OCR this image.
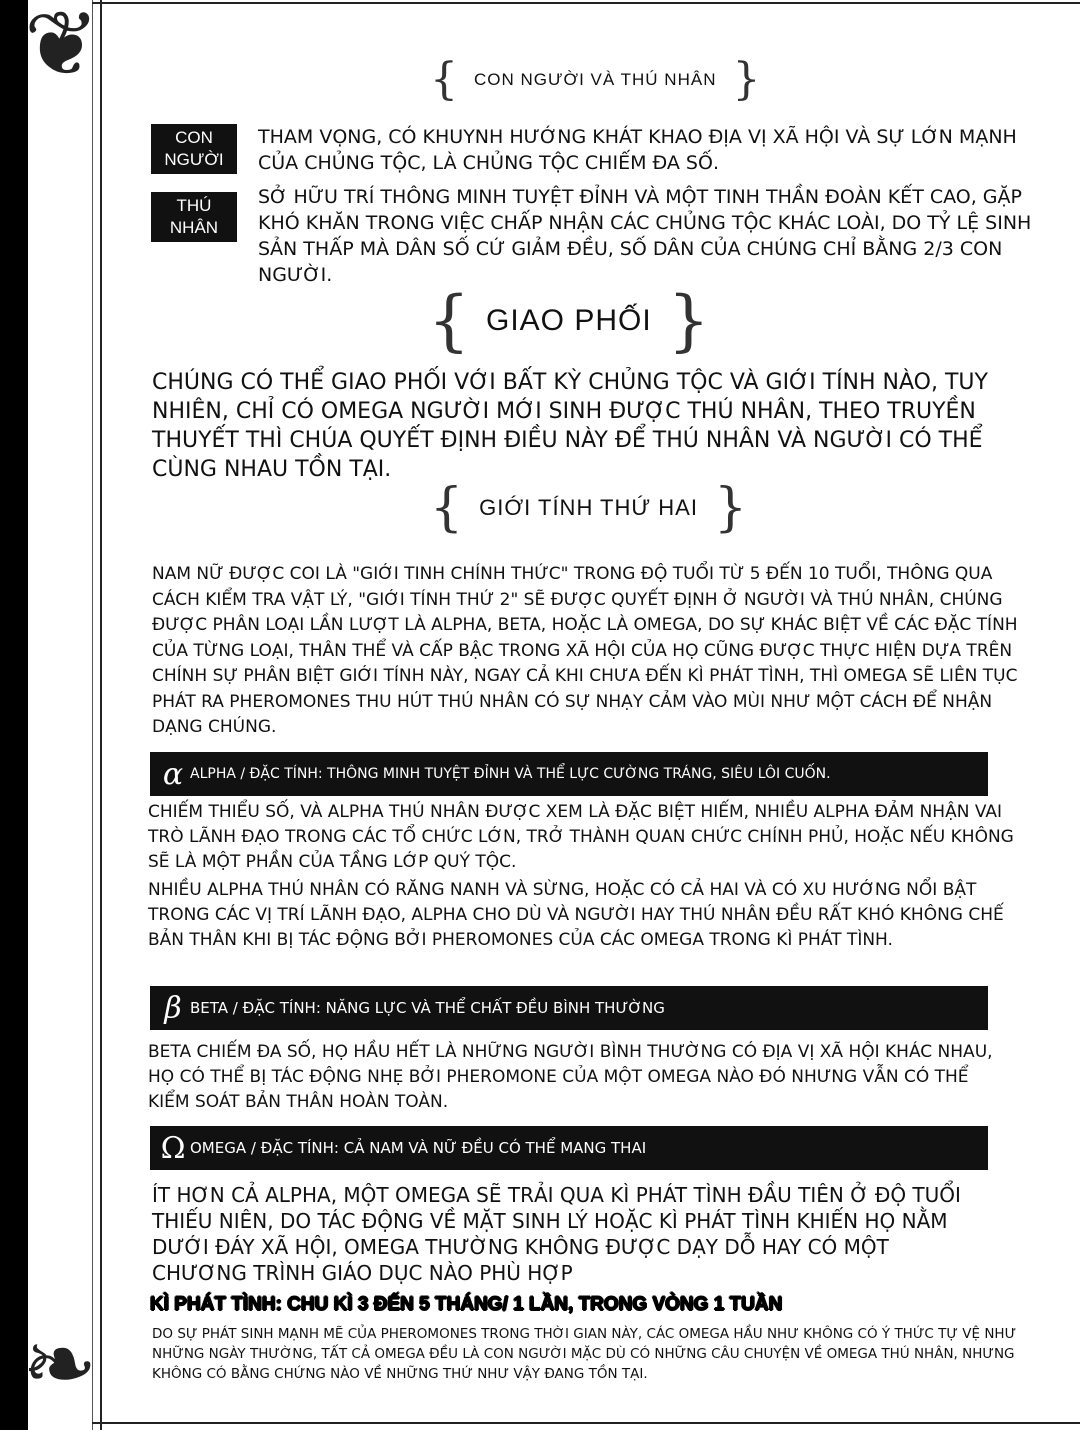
❦
❧
{ CON NGƯỜI VÀ THÚ NHÂN }
CON
NGƯỜI

THAM VỌNG, CÓ KHUYNH HƯỚNG KHÁT KHAO ĐỊA VỊ XÃ HỘI VÀ SỰ LỚN MẠNH CỦA CHỦNG TỘC, LÀ CHỦNG TỘC CHIẾM ĐA SỐ.

THÚ
NHÂN

SỞ HỮU TRÍ THÔNG MINH TUYỆT ĐỈNH VÀ MỘT TINH THẦN ĐOÀN KẾT CAO, GẶP KHÓ KHĂN TRONG VIỆC CHẤP NHẬN CÁC CHỦNG TỘC KHÁC LOÀI, DO TỶ LỆ SINH SẢN THẤP MÀ DÂN SỐ CỨ GIẢM ĐỀU, SỐ DÂN CỦA CHÚNG CHỈ BẰNG 2/3 CON NGƯỜI.

{ GIAO PHỐI }

CHÚNG CÓ THỂ GIAO PHỐI VỚI BẤT KỲ CHỦNG TỘC VÀ GIỚI TÍNH NÀO, TUY NHIÊN, CHỈ CÓ OMEGA NGƯỜI MỚI SINH ĐƯỢC THÚ NHÂN, THEO TRUYỀN THUYẾT THÌ CHÚA QUYẾT ĐỊNH ĐIỀU NÀY ĐỂ THÚ NHÂN VÀ NGƯỜI CÓ THỂ CÙNG NHAU TỒN TẠI.

{ GIỚI TÍNH THỨ HAI }

NAM NỮ ĐƯỢC COI LÀ "GIỚI TINH CHÍNH THỨC" TRONG ĐỘ TUỔI TỪ 5 ĐẾN 10 TUỔI, THÔNG QUA CÁCH KIỂM TRA VẬT LÝ, "GIỚI TÍNH THỨ 2" SẼ ĐƯỢC QUYẾT ĐỊNH Ở NGƯỜI VÀ THÚ NHÂN, CHÚNG ĐƯỢC PHÂN LOẠI LẦN LƯỢT LÀ ALPHA, BETA, HOẶC LÀ OMEGA, DO SỰ KHÁC BIỆT VỀ CÁC ĐẶC TÍNH CỦA TỪNG LOẠI, THÂN THỂ VÀ CẤP BẬC TRONG XÃ HỘI CỦA HỌ CŨNG ĐƯỢC THỰC HIỆN DỰA TRÊN CHÍNH SỰ PHÂN BIỆT GIỚI TÍNH NÀY, NGAY CẢ KHI CHƯA ĐẾN KÌ PHÁT TÌNH, THÌ OMEGA SẼ LIÊN TỤC PHÁT RA PHEROMONES THU HÚT THÚ NHÂN CÓ SỰ NHẠY CẢM VÀO MÙI NHƯ MỘT CÁCH ĐỂ NHẬN DẠNG CHÚNG.

α ALPHA / ĐẶC TÍNH: THÔNG MINH TUYỆT ĐỈNH VÀ THỂ LỰC CƯỜNG TRÁNG, SIÊU LÔI CUỐN.

CHIẾM THIỂU SỐ, VÀ ALPHA THÚ NHÂN ĐƯỢC XEM LÀ ĐẶC BIỆT HIẾM, NHIỀU ALPHA ĐẢM NHẬN VAI TRÒ LÃNH ĐẠO TRONG CÁC TỔ CHỨC LỚN, TRỞ THÀNH QUAN CHỨC CHÍNH PHỦ, HOẶC NẾU KHÔNG SẼ LÀ MỘT PHẦN CỦA TẦNG LỚP QUÝ TỘC.

NHIỀU ALPHA THÚ NHÂN CÓ RĂNG NANH VÀ SỪNG, HOẶC CÓ CẢ HAI VÀ CÓ XU HƯỚNG NỔI BẬT TRONG CÁC VỊ TRÍ LÃNH ĐẠO, ALPHA CHO DÙ VÀ NGƯỜI HAY THÚ NHÂN ĐỀU RẤT KHÓ KHÔNG CHẾ BẢN THÂN KHI BỊ TÁC ĐỘNG BỞI PHEROMONES CỦA CÁC OMEGA TRONG KÌ PHÁT TÌNH.

β BETA / ĐẶC TÍNH: NĂNG LỰC VÀ THỂ CHẤT ĐỀU BÌNH THƯỜNG

BETA CHIẾM ĐA SỐ, HỌ HẦU HẾT LÀ NHỮNG NGƯỜI BÌNH THƯỜNG CÓ ĐỊA VỊ XÃ HỘI KHÁC NHAU, HỌ CÓ THỂ BỊ TÁC ĐỘNG NHẸ BỞI PHEROMONE CỦA MỘT OMEGA NÀO ĐÓ NHƯNG VẪN CÓ THỂ KIỂM SOÁT BẢN THÂN HOÀN TOÀN.

Ω OMEGA / ĐẶC TÍNH: CẢ NAM VÀ NỮ ĐỀU CÓ THỂ MANG THAI

ÍT HƠN CẢ ALPHA, MỘT OMEGA SẼ TRẢI QUA KÌ PHÁT TÌNH ĐẦU TIÊN Ở ĐỘ TUỔI THIẾU NIÊN, DO TÁC ĐỘNG VỀ MẶT SINH LÝ HOẶC KÌ PHÁT TÌNH KHIẾN HỌ NẰM DƯỚI ĐÁY XÃ HỘI, OMEGA THƯỜNG KHÔNG ĐƯỢC DẠY DỖ HAY CÓ MỘT CHƯƠNG TRÌNH GIÁO DỤC NÀO PHÙ HỢP

KÌ PHÁT TÌNH: CHU KÌ 3 ĐẾN 5 THÁNG/ 1 LẦN, TRONG VÒNG 1 TUẦN

DO SỰ PHÁT SINH MẠNH MẼ CỦA PHEROMONES TRONG THỜI GIAN NÀY, CÁC OMEGA HẦU NHƯ KHÔNG CÓ Ý THỨC TỰ VỆ NHƯ NHỮNG NGÀY THƯỜNG, TẤT CẢ OMEGA ĐỀU LÀ CON NGƯỜI MẶC DÙ CÓ NHỮNG CÂU CHUYỆN VỀ OMEGA THÚ NHÂN, NHƯNG KHÔNG CÓ BẰNG CHỨNG NÀO VỀ NHỮNG THỨ NHƯ VẬY ĐANG TỒN TẠI.
